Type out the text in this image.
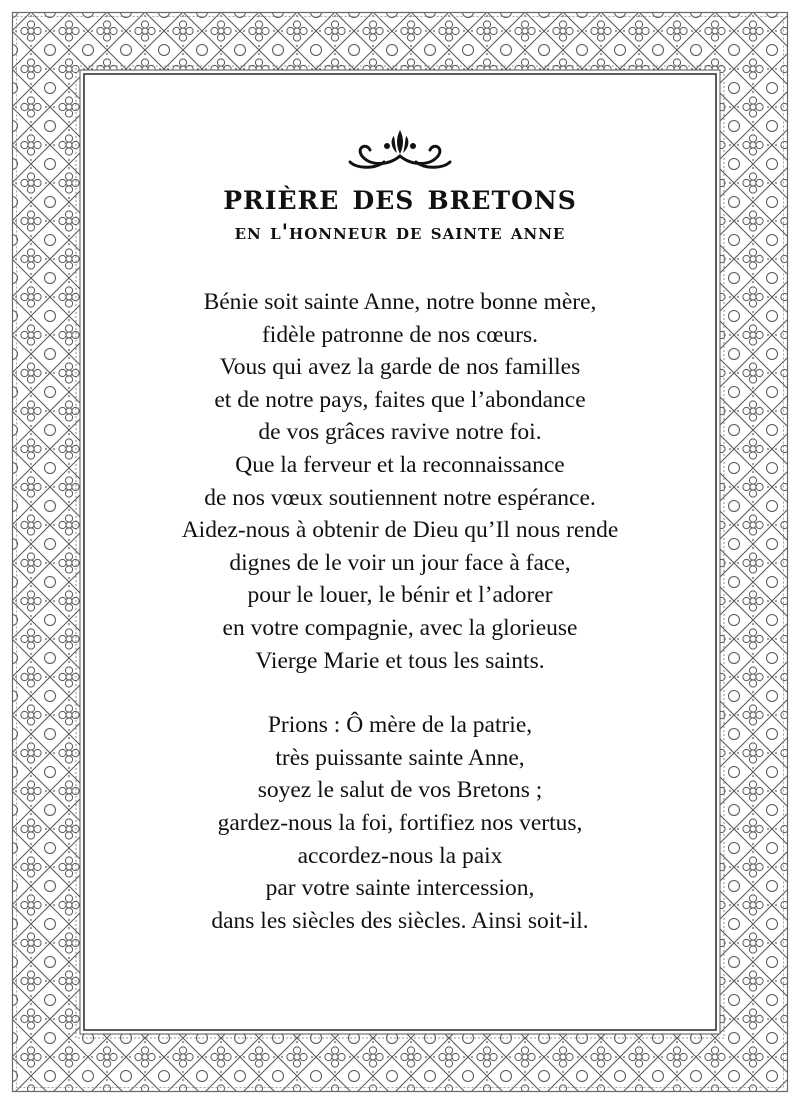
prière des bretons
en l'honneur de sainte anne
Bénie soit sainte Anne, notre bonne mère,
fidèle patronne de nos cœurs.
Vous qui avez la garde de nos familles
et de notre pays, faites que l’abondance
de vos grâces ravive notre foi.
Que la ferveur et la reconnaissance
de nos vœux soutiennent notre espérance.
Aidez-nous à obtenir de Dieu qu’Il nous rende
dignes de le voir un jour face à face,
pour le louer, le bénir et l’adorer
en votre compagnie, avec la glorieuse
Vierge Marie et tous les saints.
Prions : Ô mère de la patrie,
très puissante sainte Anne,
soyez le salut de vos Bretons ;
gardez-nous la foi, fortifiez nos vertus,
accordez-nous la paix
par votre sainte intercession,
dans les siècles des siècles. Ainsi soit-il.
